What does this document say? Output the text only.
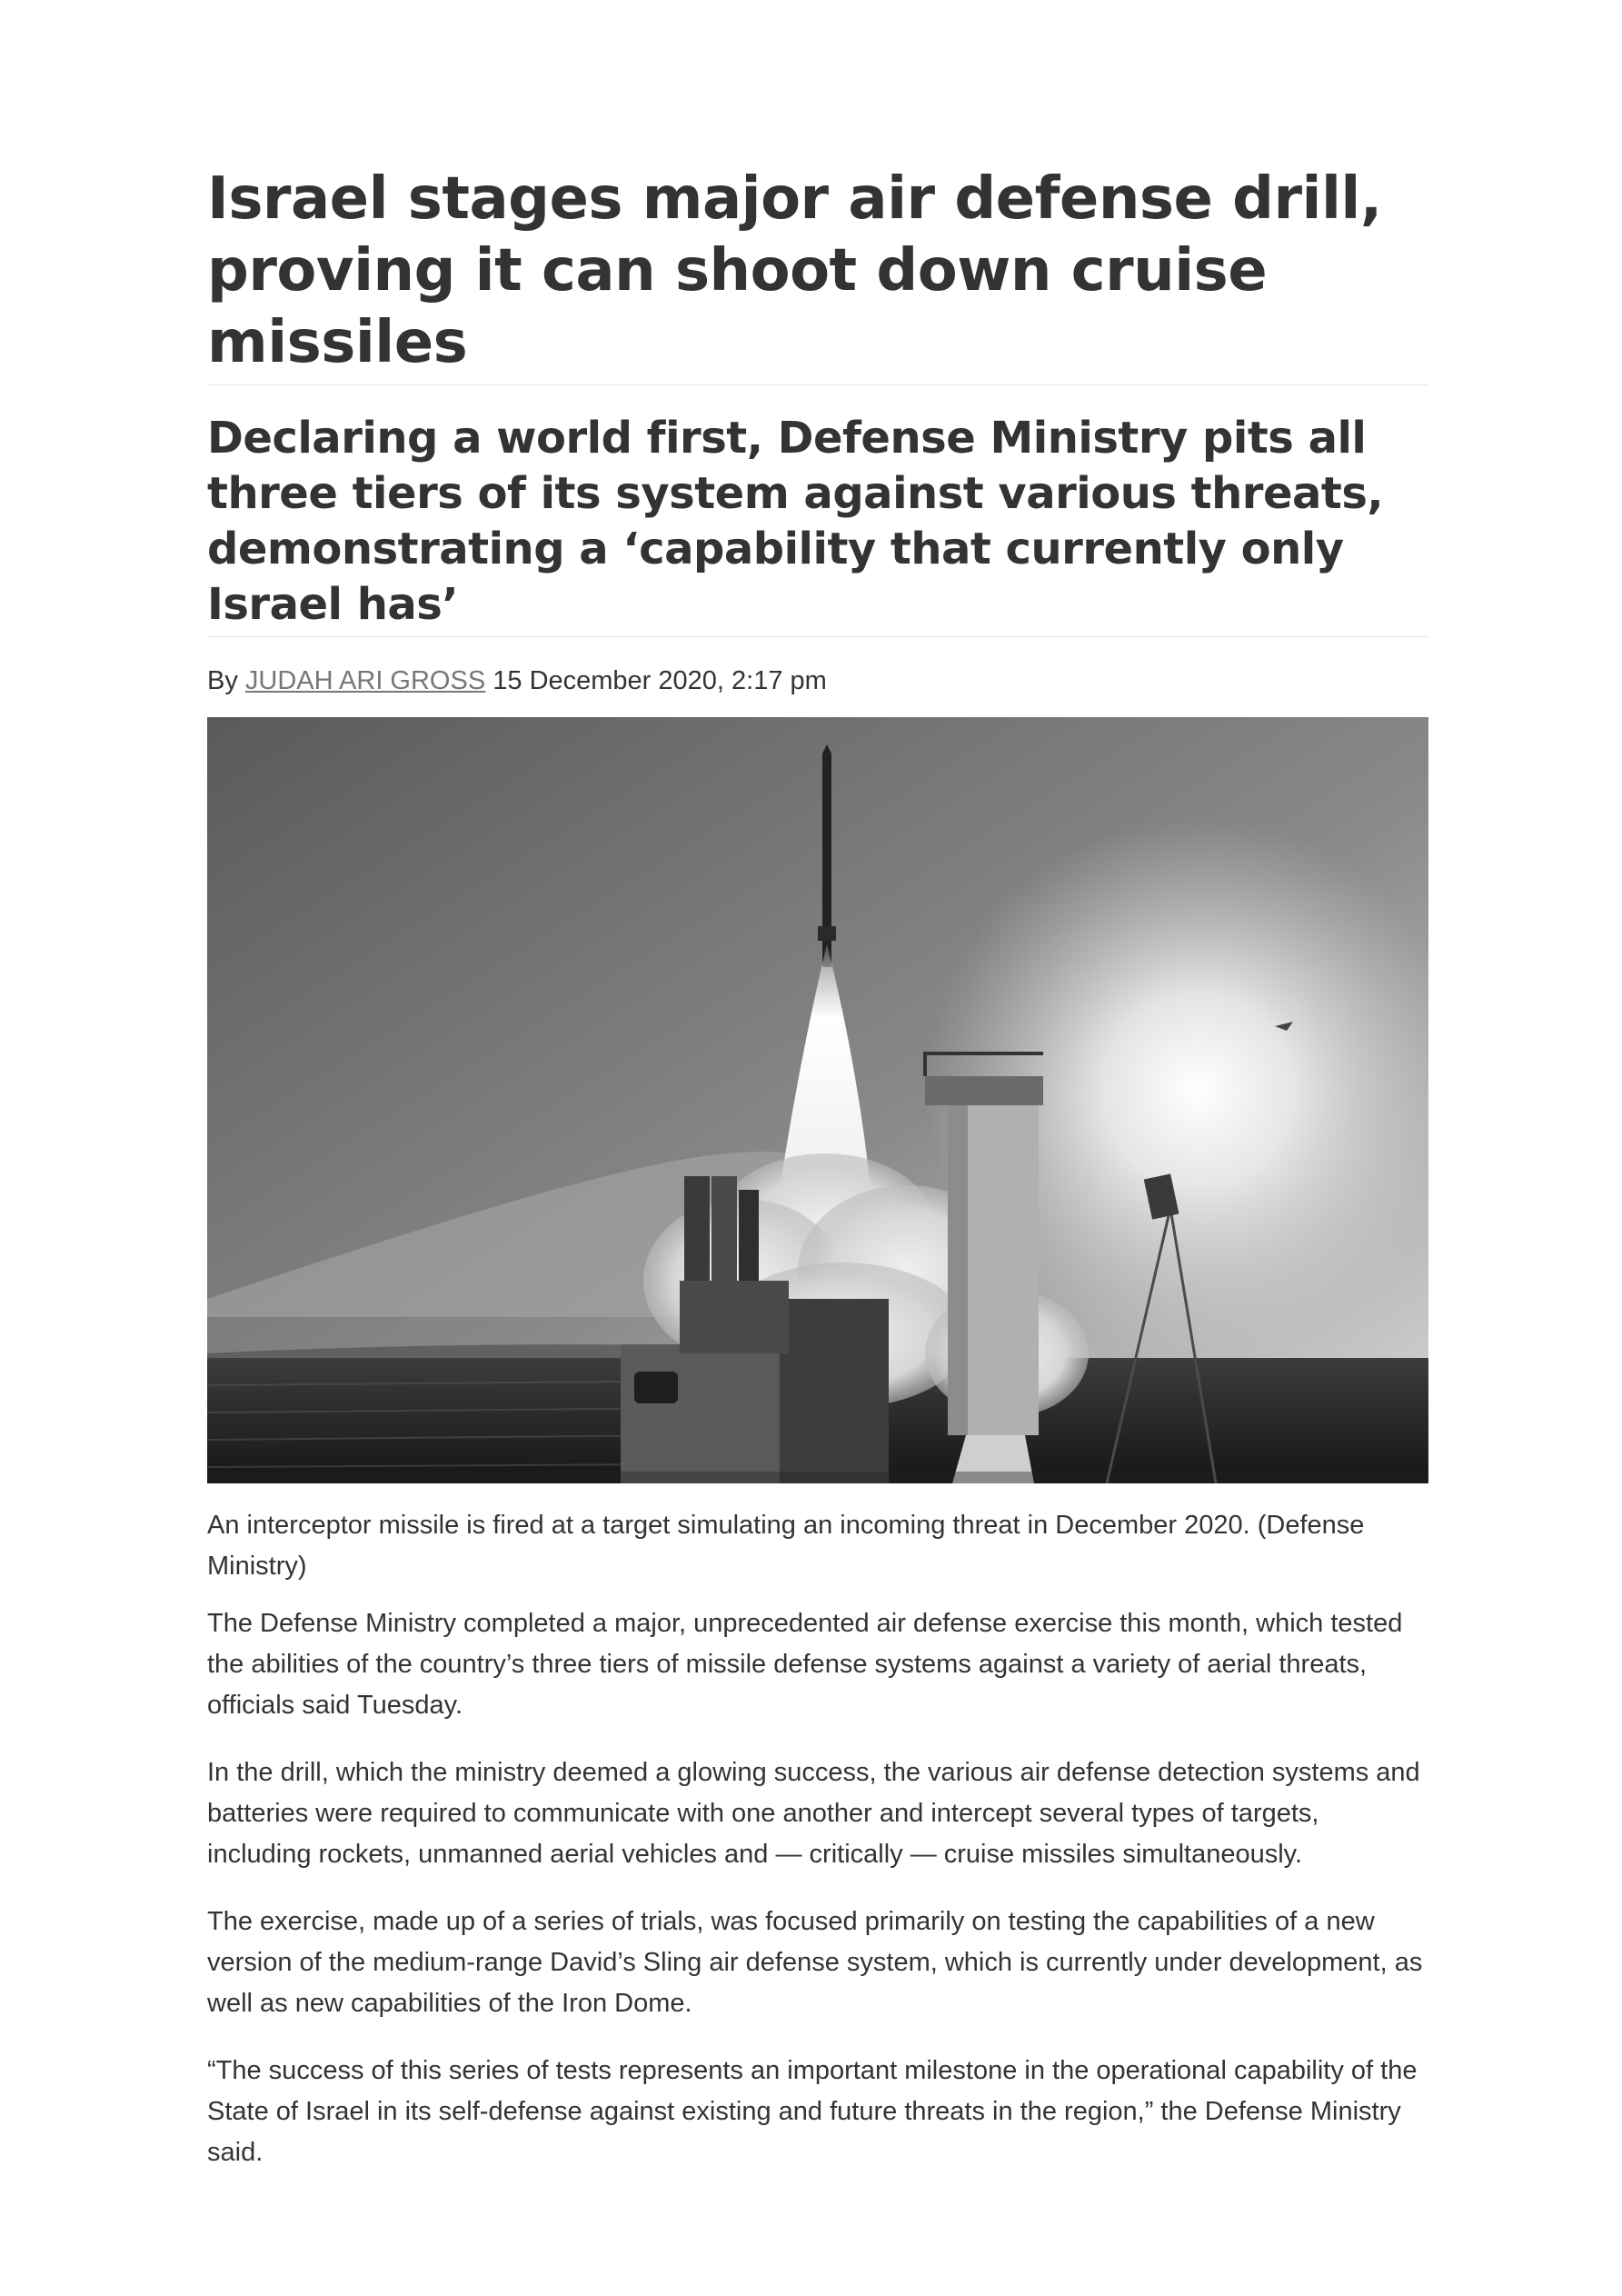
Israel stages major air defense drill, proving it can shoot down cruise missiles
Declaring a world first, Defense Ministry pits all three tiers of its system against various threats, demonstrating a ‘capability that currently only Israel has’
By JUDAH ARI GROSS 15 December 2020, 2:17 pm
An interceptor missile is fired at a target simulating an incoming threat in December 2020. (Defense Ministry)

The Defense Ministry completed a major, unprecedented air defense exercise this month, which tested the abilities of the country’s three tiers of missile defense systems against a variety of aerial threats, officials said Tuesday.

In the drill, which the ministry deemed a glowing success, the various air defense detection systems and batteries were required to communicate with one another and intercept several types of targets, including rockets, unmanned aerial vehicles and — critically — cruise missiles simultaneously.

The exercise, made up of a series of trials, was focused primarily on testing the capabilities of a new version of the medium-range David’s Sling air defense system, which is currently under development, as well as new capabilities of the Iron Dome.

“The success of this series of tests represents an important milestone in the operational capability of the State of Israel in its self-defense against existing and future threats in the region,” the Defense Ministry said.
